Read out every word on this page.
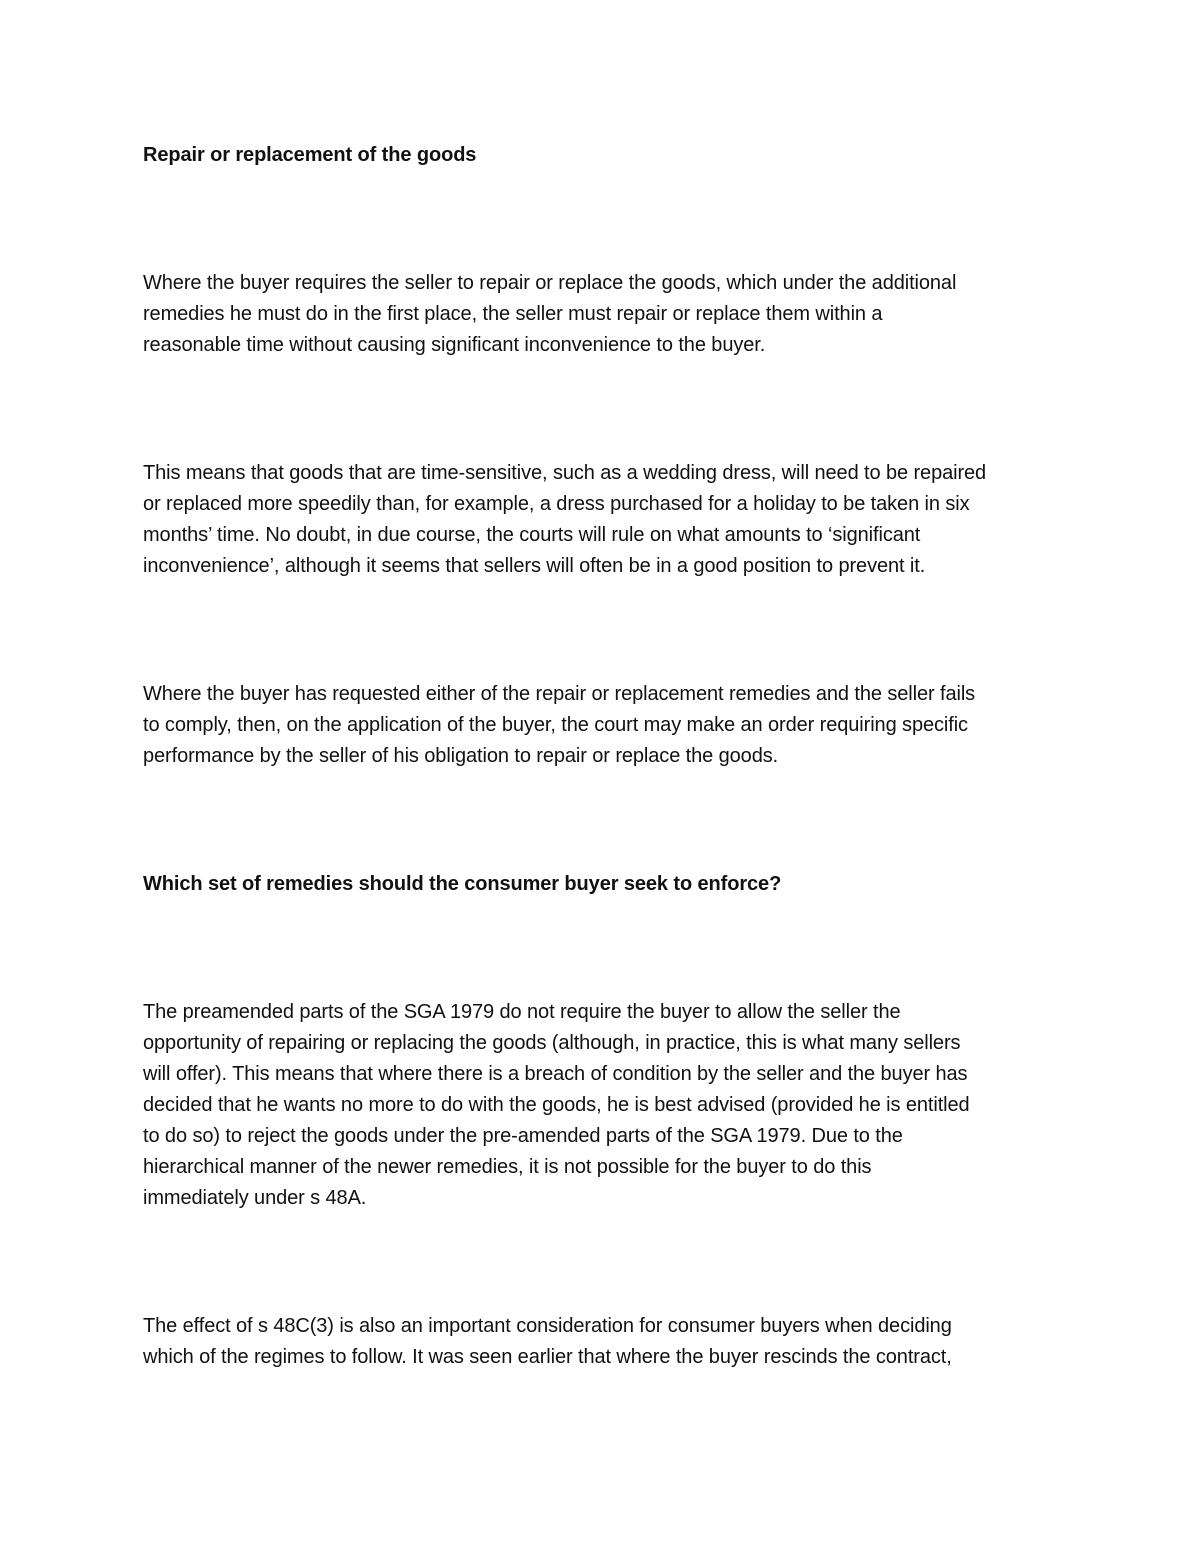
Repair or replacement of the goods

Where the buyer requires the seller to repair or replace the goods, which under the additional
remedies he must do in the first place, the seller must repair or replace them within a
reasonable time without causing significant inconvenience to the buyer.

This means that goods that are time-sensitive, such as a wedding dress, will need to be repaired
or replaced more speedily than, for example, a dress purchased for a holiday to be taken in six
months’ time. No doubt, in due course, the courts will rule on what amounts to ‘significant
inconvenience’, although it seems that sellers will often be in a good position to prevent it.

Where the buyer has requested either of the repair or replacement remedies and the seller fails
to comply, then, on the application of the buyer, the court may make an order requiring specific
performance by the seller of his obligation to repair or replace the goods.

Which set of remedies should the consumer buyer seek to enforce?

The preamended parts of the SGA 1979 do not require the buyer to allow the seller the
opportunity of repairing or replacing the goods (although, in practice, this is what many sellers
will offer). This means that where there is a breach of condition by the seller and the buyer has
decided that he wants no more to do with the goods, he is best advised (provided he is entitled
to do so) to reject the goods under the pre-amended parts of the SGA 1979. Due to the
hierarchical manner of the newer remedies, it is not possible for the buyer to do this
immediately under s 48A.

The effect of s 48C(3) is also an important consideration for consumer buyers when deciding
which of the regimes to follow. It was seen earlier that where the buyer rescinds the contract,
